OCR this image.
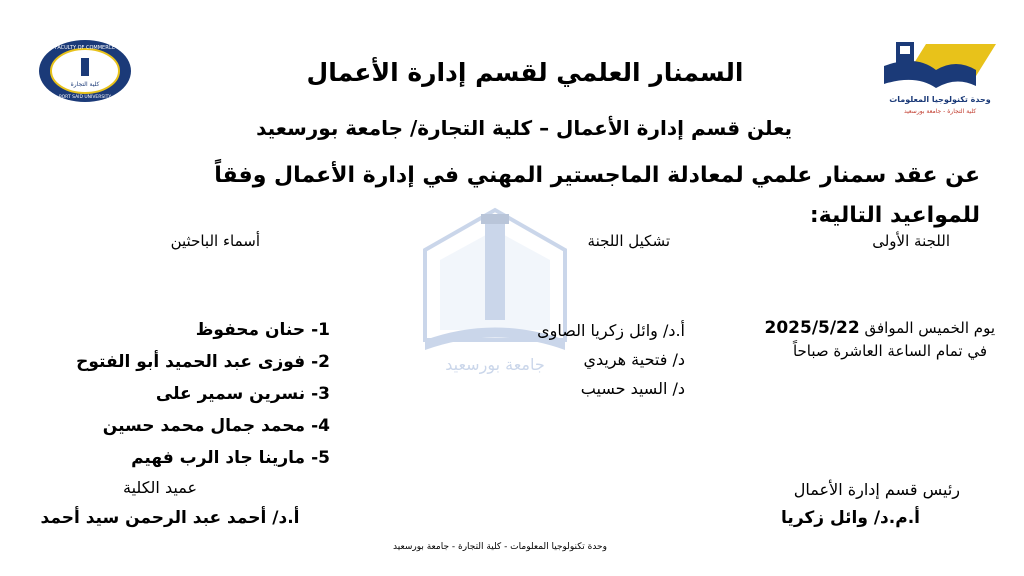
جامعة بورسعيد
FACULTY OF COMMERCE
PORT SAID UNIVERSITY
كلية التجارة
وحدة تكنولوجيا المعلومات
كلية التجارة - جامعة بورسعيد
السمنار العلمي لقسم إدارة الأعمال
يعلن قسم إدارة الأعمال – كلية التجارة/ جامعة بورسعيد
عن عقد سمنار علمي لمعادلة الماجستير المهني في إدارة الأعمال وفقاً للمواعيد التالية:
اللجنة الأولى
تشكيل اللجنة
أسماء الباحثين
يوم الخميس الموافق 2025/5/22
في تمام الساعة العاشرة صباحاً
أ.د/ وائل زكريا الصاوى
د/ فتحية هريدي
د/ السيد حسيب
1-
حنان محفوظ
2-
فوزى عبد الحميد أبو الفتوح
3-
نسرين سمير على
4-
محمد جمال محمد حسين
5-
مارينا جاد الرب فهيم
عميد الكلية
أ.د/ أحمد عبد الرحمن سيد أحمد
رئيس قسم إدارة الأعمال
أ.م.د/ وائل زكريا
وحدة تكنولوجيا المعلومات - كلية التجارة - جامعة بورسعيد
